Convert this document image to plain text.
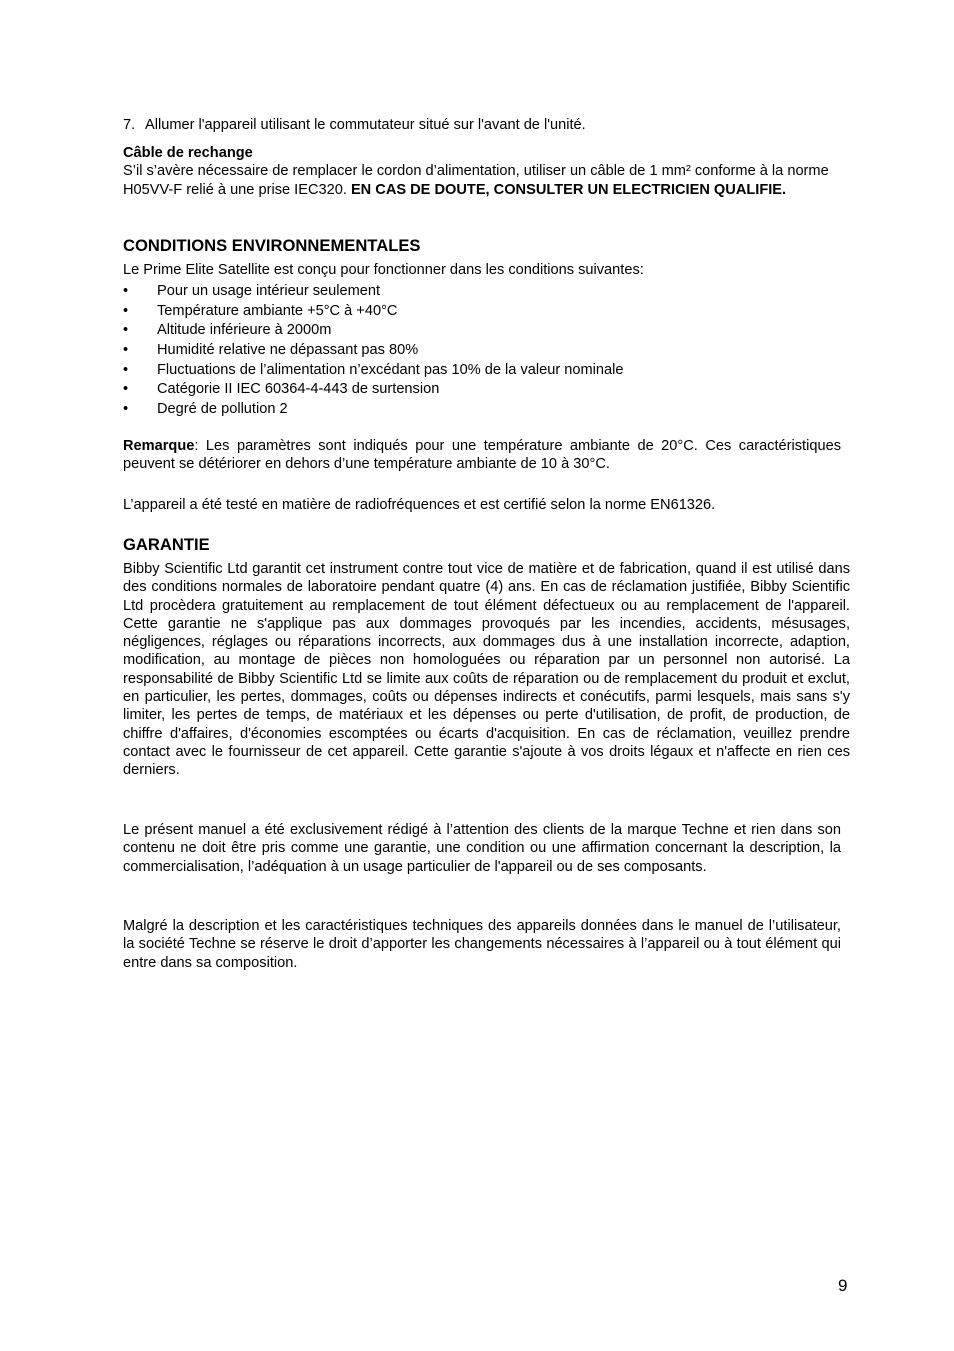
7. Allumer l'appareil utilisant le commutateur situé sur l'avant de l'unité.

Câble de rechange

S’il s’avère nécessaire de remplacer le cordon d’alimentation, utiliser un câble de 1 mm² conforme à la norme H05VV-F relié à une prise IEC320. EN CAS DE DOUTE, CONSULTER UN ELECTRICIEN QUALIFIE.

CONDITIONS ENVIRONNEMENTALES

Le Prime Elite Satellite est conçu pour fonctionner dans les conditions suivantes:

• Pour un usage intérieur seulement
• Température ambiante +5°C à +40°C
• Altitude inférieure à 2000m
• Humidité relative ne dépassant pas 80%
• Fluctuations de l’alimentation n’excédant pas 10% de la valeur nominale
• Catégorie II IEC 60364-4-443 de surtension
• Degré de pollution 2

Remarque: Les paramètres sont indiqués pour une température ambiante de 20°C. Ces caractéristiques peuvent se détériorer en dehors d’une température ambiante de 10 à 30°C.

L’appareil a été testé en matière de radiofréquences et est certifié selon la norme EN61326.

GARANTIE

Bibby Scientific Ltd garantit cet instrument contre tout vice de matière et de fabrication, quand il est utilisé dans des conditions normales de laboratoire pendant quatre (4) ans. En cas de réclamation justifiée, Bibby Scientific Ltd procèdera gratuitement au remplacement de tout élément défectueux ou au remplacement de l'appareil. Cette garantie ne s'applique pas aux dommages provoqués par les incendies, accidents, mésusages, négligences, réglages ou réparations incorrects, aux dommages dus à une installation incorrecte, adaption, modification, au montage de pièces non homologuées ou réparation par un personnel non autorisé. La responsabilité de Bibby Scientific Ltd se limite aux coûts de réparation ou de remplacement du produit et exclut, en particulier, les pertes, dommages, coûts ou dépenses indirects et conécutifs, parmi lesquels, mais sans s'y limiter, les pertes de temps, de matériaux et les dépenses ou perte d'utilisation, de profit, de production, de chiffre d'affaires, d'économies escomptées ou écarts d'acquisition. En cas de réclamation, veuillez prendre contact avec le fournisseur de cet appareil. Cette garantie s'ajoute à vos droits légaux et n'affecte en rien ces derniers.

Le présent manuel a été exclusivement rédigé à l’attention des clients de la marque Techne et rien dans son contenu ne doit être pris comme une garantie, une condition ou une affirmation concernant la description, la commercialisation, l’adéquation à un usage particulier de l'appareil ou de ses composants.

Malgré la description et les caractéristiques techniques des appareils données dans le manuel de l’utilisateur, la société Techne se réserve le droit d’apporter les changements nécessaires à l’appareil ou à tout élément qui entre dans sa composition.

9
